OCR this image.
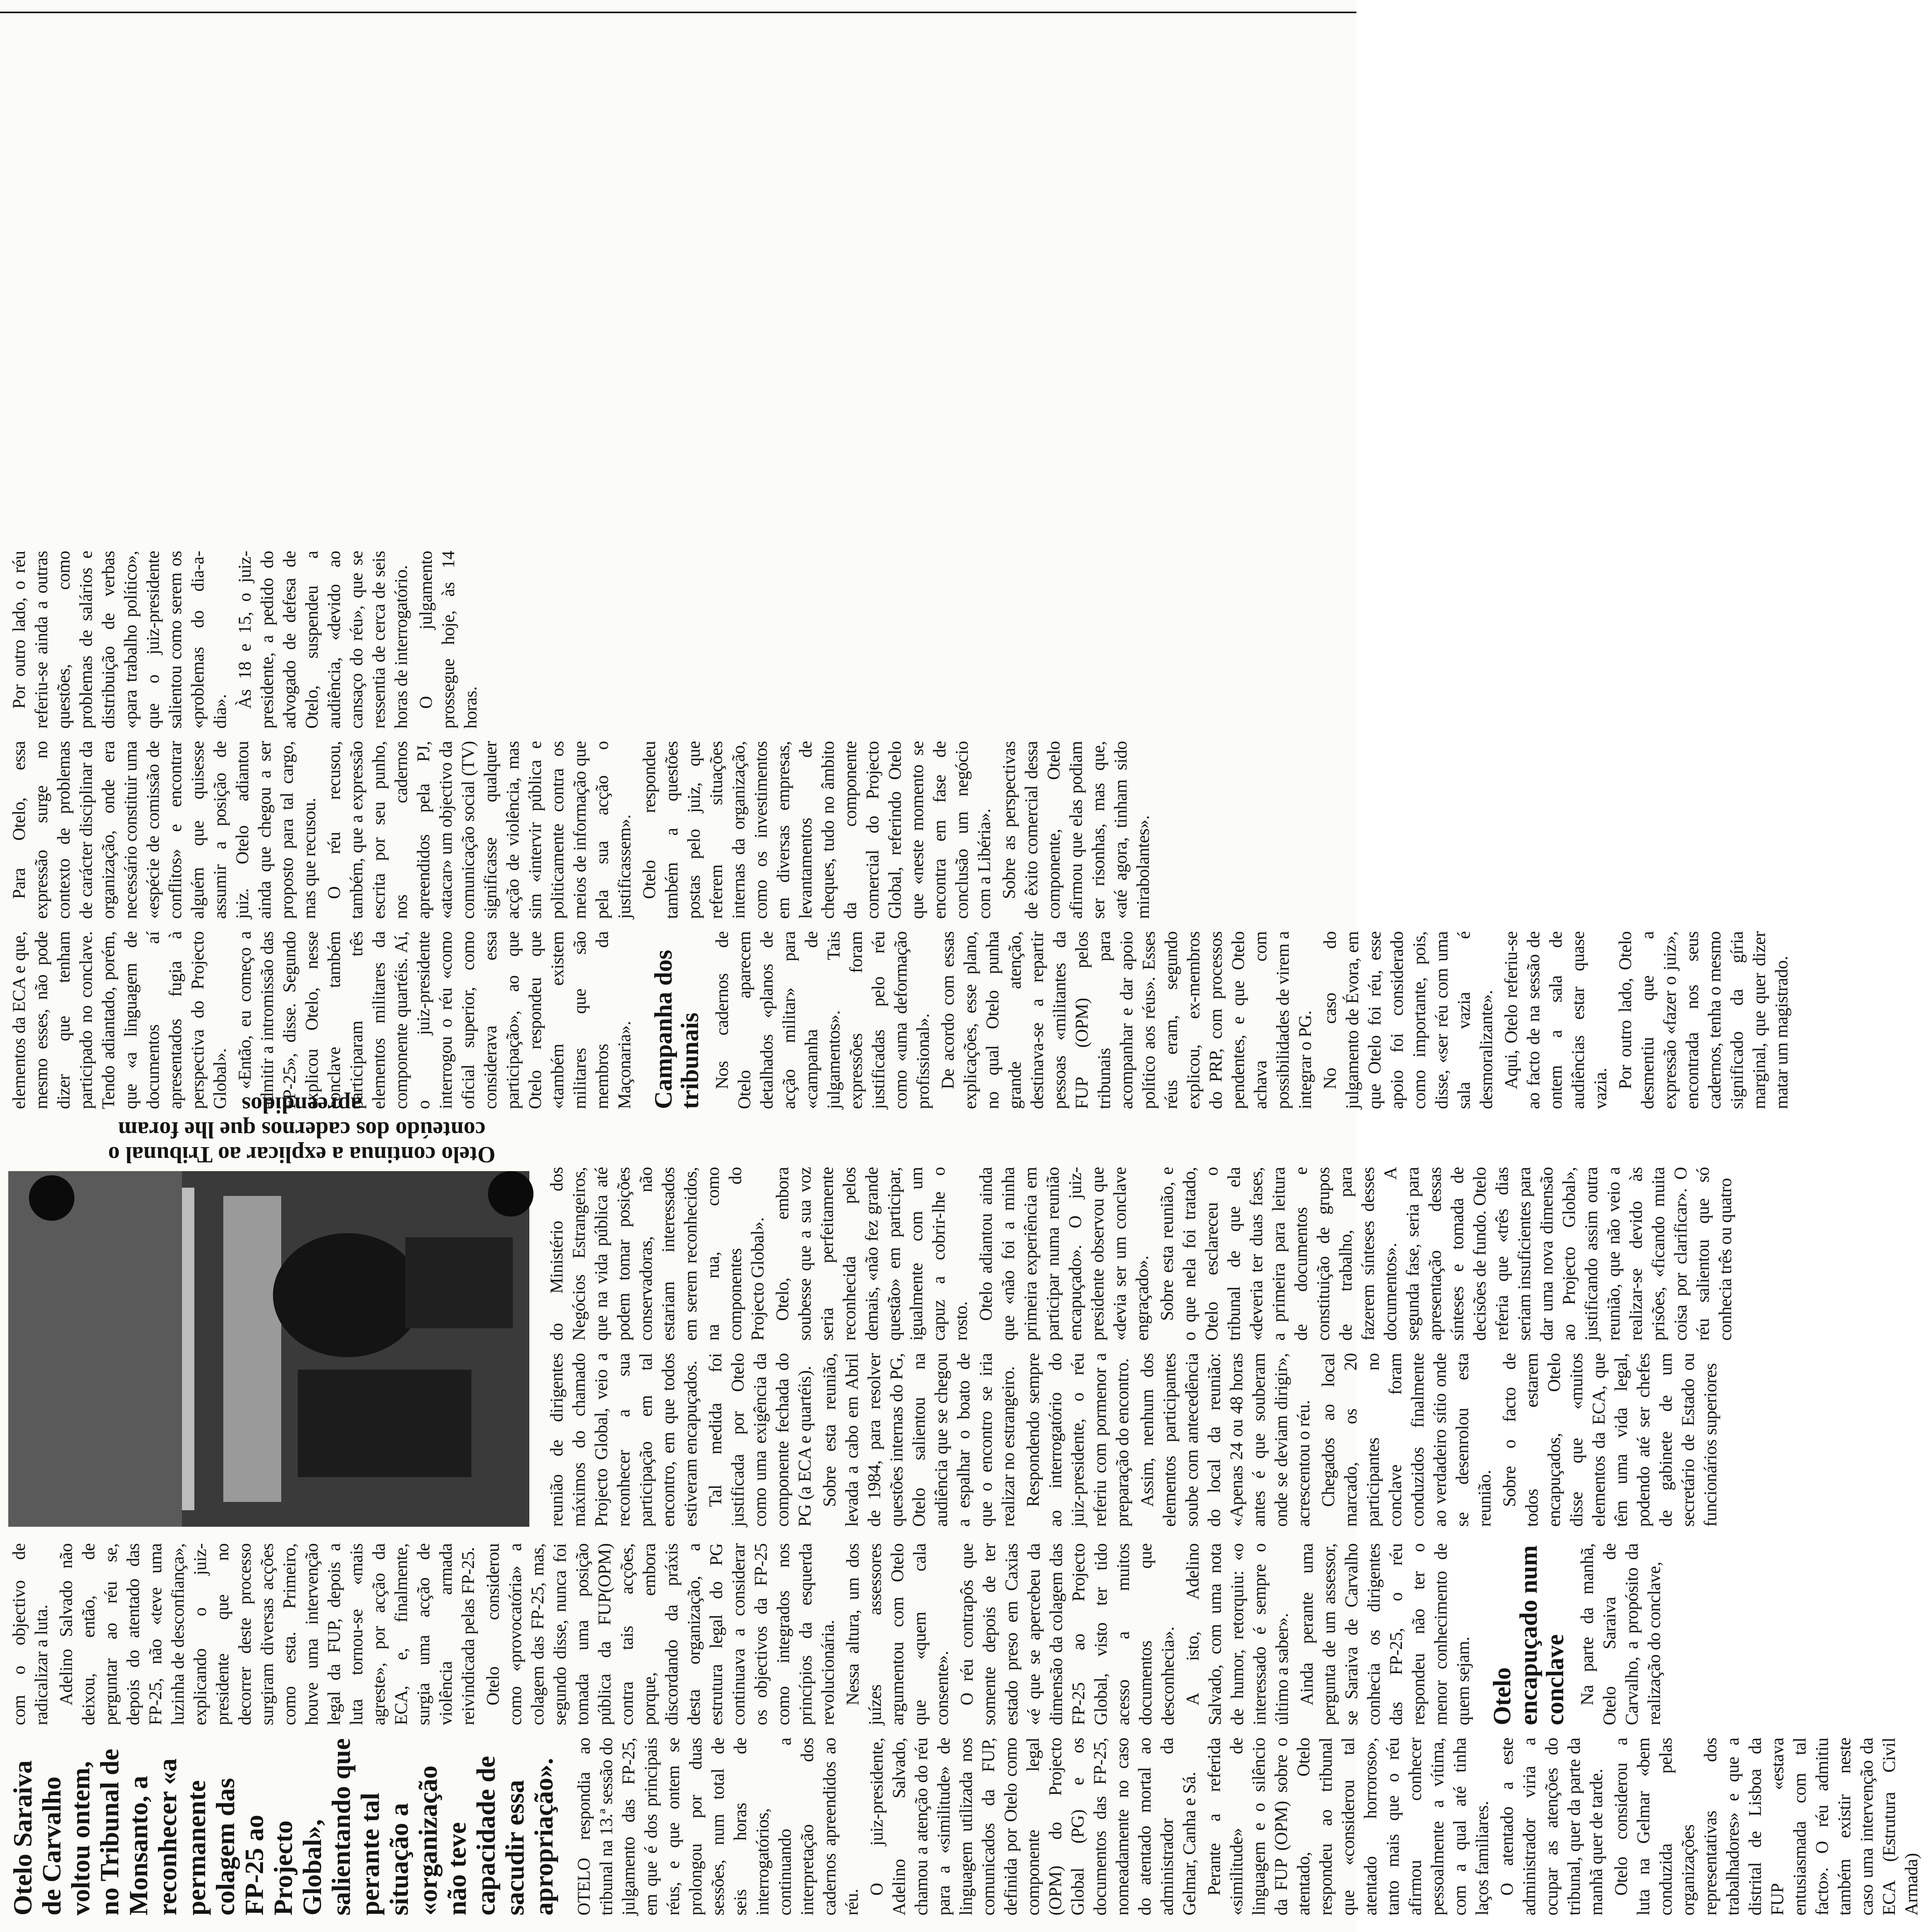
Otelo Saraiva de Carvalho voltou ontem, no Tribunal de Monsanto, a reconhecer «a permanente colagem das FP-25 ao Projecto Global», salientando que perante tal situação a «organização não teve capacidade de sacudir essa apropriação». OTELO respondia ao tribunal na 13.ª sessão do julgamento das FP-25, em que é dos principais réus, e que ontem se prolongou por duas sessões, num total de seis horas de interrogatórios, continuando a interpretação dos cadernos apreendidos ao réu.

O juiz-presidente, Adelino Salvado, chamou a atenção do réu para a «similitude» de linguagem utilizada nos comunicados da FUP, definida por Otelo como componente legal (OPM) do Projecto Global (PG) e os documentos das FP-25, nomeadamente no caso do atentado mortal ao administrador da Gelmar, Canha e Sá. Perante a referida «similitude» de linguagem e o silêncio da FUP (OPM) sobre o atentado, Otelo respondeu ao tribunal que «considerou tal atentado horroroso», tanto mais que o réu afirmou conhecer pessoalmente a vítima, com a qual até tinha laços familiares. O atentado a este administrador viria a ocupar as atenções do tribunal, quer da parte da manhã quer de tarde. Otelo considerou a luta na Gelmar «bem conduzida pelas organizações representativas dos trabalhadores» e que a distrital de Lisboa da FUP «estava entusiasmada com tal facto». O réu admitiu também existir neste caso uma intervenção da ECA (Estrutura Civil Armada)

com o objectivo de radicalizar a luta. Adelino Salvado não deixou, então, de perguntar ao réu se, depois do atentado das FP-25, não «teve uma luzinha de desconfiança», explicando o juiz-presidente que no decorrer deste processo surgiram diversas acções como esta. Primeiro, houve uma intervenção legal da FUP, depois a luta tornou-se «mais agreste», por acção da ECA, e, finalmente, surgia uma acção de violência armada reivindicada pelas FP-25. Otelo considerou como «provocatória» a colagem das FP-25, mas, segundo disse, nunca foi tomada uma posição pública da FUP(OPM) contra tais acções, porque, embora discordando da práxis desta organização, a estrutura legal do PG continuava a considerar os objectivos da FP-25 como integrados nos princípios da esquerda revolucionária. Nessa altura, um dos juízes assessores argumentou com Otelo que «quem cala consente». O réu contrapôs que somente depois de ter estado preso em Caxias «é que se apercebeu da dimensão da colagem das FP-25 ao Projecto Global, visto ter tido acesso a muitos documentos que desconhecia». A isto, Adelino Salvado, com uma nota de humor, retorquiu: «o interessado é sempre o último a saber». Ainda perante uma pergunta de um assessor, se Saraiva de Carvalho conhecia os dirigentes das FP-25, o réu respondeu não ter o menor conhecimento de quem sejam. Otelo encapuçado num conclave Na parte da manhã, Otelo Saraiva de Carvalho, a propósito da realização do conclave,

Otelo continua a explicar ao Tribunal o conteúdo dos cadernos que lhe foram apreendidos

reunião de dirigentes máximos do chamado Projecto Global, veio a reconhecer a sua participação em tal encontro, em que todos estiveram encapuçados. Tal medida foi justificada por Otelo como uma exigência da componente fechada do PG (a ECA e quartéis). Sobre esta reunião, levada a cabo em Abril de 1984, para resolver questões internas do PG, Otelo salientou na audiência que se chegou a espalhar o boato de que o encontro se iria realizar no estrangeiro. Respondendo sempre ao interrogatório do juiz-presidente, o réu referiu com pormenor a preparação do encontro. Assim, nenhum dos elementos participantes soube com antecedência do local da reunião: «Apenas 24 ou 48 horas antes é que souberam onde se deviam dirigir», acrescentou o réu. Chegados ao local marcado, os 20 participantes no conclave foram conduzidos finalmente ao verdadeiro sítio onde se desenrolou esta reunião. Sobre o facto de todos estarem encapuçados, Otelo disse que «muitos elementos da ECA, que têm uma vida legal, podendo até ser chefes de gabinete de um secretário de Estado ou funcionários superiores

do Ministério dos Negócios Estrangeiros, que na vida pública até podem tomar posições conservadoras, não estariam interessados em serem reconhecidos, na rua, como componentes do Projecto Global». Otelo, embora soubesse que a sua voz seria perfeitamente reconhecida pelos demais, «não fez grande questão» em participar, igualmente com um capuz a cobrir-lhe o rosto.

Otelo adiantou ainda que «não foi a minha primeira experiência em participar numa reunião encapuçado». O juiz-presidente observou que «devia ser um conclave engraçado». Sobre esta reunião, e o que nela foi tratado, Otelo esclareceu o tribunal de que ela «deveria ter duas fases, a primeira para leitura de documentos e constituição de grupos de trabalho, para fazerem sínteses desses documentos». A segunda fase, seria para apresentação dessas sínteses e tomada de decisões de fundo. Otelo referia que «três dias seriam insuficientes para dar uma nova dimensão ao Projecto Global», justificando assim outra reunião, que não veio a realizar-se devido às prisões, «ficando muita coisa por clarificar». O réu salientou que só conhecia três ou quatro

elementos da ECA e que, mesmo esses, não pode dizer que tenham participado no conclave. Tendo adiantado, porém, que «a linguagem de documentos aí apresentados fugia à perspectiva do Projecto Global». «Então, eu começo a admitir a intromissão das FP-25», disse. Segundo explicou Otelo, nesse conclave também participaram três elementos militares da componente quartéis. Aí, o juiz-presidente interrogou o réu «como oficial superior, como considerava essa participação», ao que Otelo respondeu que «também existem militares que são membros da Maçonaria». Campanha dos tribunais Nos cadernos de Otelo aparecem detalhados «planos de acção militar» para «campanha de julgamentos». Tais expressões foram justificadas pelo réu como «uma deformação profissional». De acordo com essas explicações, esse plano, no qual Otelo punha grande atenção, destinava-se a repartir pessoas «militantes da FUP (OPM) pelos tribunais para acompanhar e dar apoio político aos réus». Esses réus eram, segundo explicou, ex-membros do PRP, com processos pendentes, e que Otelo achava com possibilidades de virem a integrar o PG. No caso do julgamento de Évora, em que Otelo foi réu, esse apoio foi considerado como importante, pois, disse, «ser réu com uma sala vazia é desmoralizante». Aqui, Otelo referiu-se ao facto de na sessão de ontem a sala de audiências estar quase vazia. Por outro lado, Otelo desmentiu que a expressão «fazer o juiz», encontrada nos seus cadernos, tenha o mesmo significado da gíria marginal, que quer dizer matar um magistrado.

Para Otelo, essa expressão surge no contexto de problemas de carácter disciplinar da organização, onde era necessário constituir uma «espécie de comissão de conflitos» e encontrar alguém que quisesse assumir a posição de juiz. Otelo adiantou ainda que chegou a ser proposto para tal cargo, mas que recusou. O réu recusou, também, que a expressão escrita por seu punho, nos cadernos apreendidos pela PJ, «atacar» um objectivo da comunicação social (TV) significasse qualquer acção de violência, mas sim «intervir pública e politicamente contra os meios de informação que pela sua acção o justificassem». Otelo respondeu também a questões postas pelo juiz, que referem situações internas da organização, como os investimentos em diversas empresas, levantamentos de cheques, tudo no âmbito da componente comercial do Projecto Global, referindo Otelo que «neste momento se encontra em fase de conclusão um negócio com a Libéria». Sobre as perspectivas de êxito comercial dessa componente, Otelo afirmou que elas podiam ser risonhas, mas que, «até agora, tinham sido mirabolantes».

Por outro lado, o réu referiu-se ainda a outras questões, como problemas de salários e distribuição de verbas «para trabalho político», que o juiz-presidente salientou como serem os «problemas do dia-a-dia».

Às 18 e 15, o juiz-presidente, a pedido do advogado de defesa de Otelo, suspendeu a audiência, «devido ao cansaço do réu», que se ressentia de cerca de seis horas de interrogatório. O julgamento prossegue hoje, às 14 horas.
